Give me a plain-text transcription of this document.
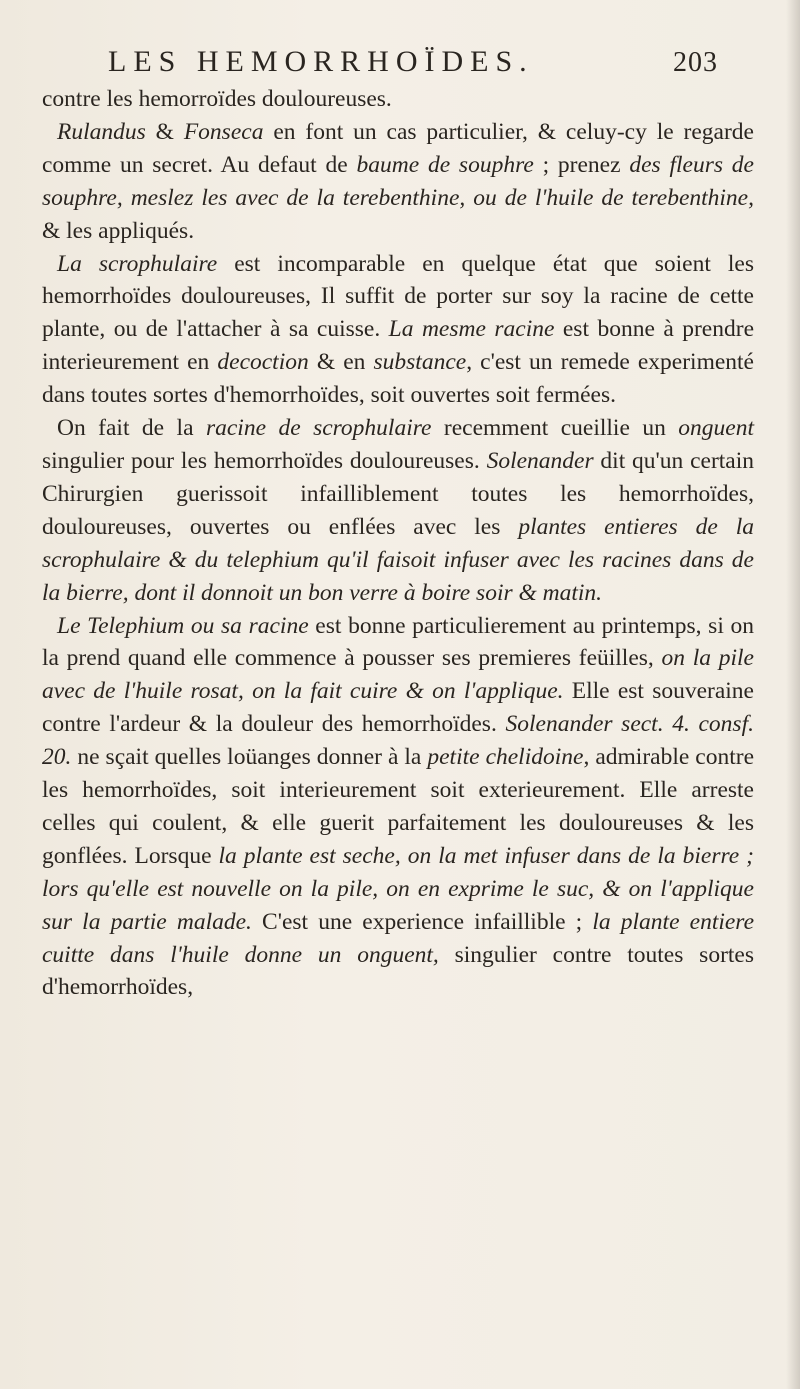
LES HEMORRHOÏDES.	203

contre les hemorroïdes douloureuses.

Rulandus & Fonseca en font un cas particulier, & celuy-cy le regarde comme un secret. Au defaut de baume de souphre ; prenez des fleurs de souphre, meslez les avec de la terebenthine, ou de l'huile de terebenthine, & les appliqués.

La scrophulaire est incomparable en quelque état que soient les hemorrhoïdes douloureuses, Il suffit de porter sur soy la racine de cette plante, ou de l'attacher à sa cuisse. La mesme racine est bonne à prendre interieurement en decoction & en substance, c'est un remede experimenté dans toutes sortes d'hemorrhoïdes, soit ouvertes soit fermées.

On fait de la racine de scrophulaire recemment cueillie un onguent singulier pour les hemorrhoïdes douloureuses. Solenander dit qu'un certain Chirurgien guerissoit infailliblement toutes les hemorrhoïdes, douloureuses, ouvertes ou enflées avec les plantes entieres de la scrophulaire & du telephium qu'il faisoit infuser avec les racines dans de la bierre, dont il donnoit un bon verre à boire soir & matin.

Le Telephium ou sa racine est bonne particulierement au printemps, si on la prend quand elle commence à pousser ses premieres feüilles, on la pile avec de l'huile rosat, on la fait cuire & on l'applique. Elle est souveraine contre l'ardeur & la douleur des hemorrhoïdes. Solenander sect. 4. consf. 20. ne sçait quelles loüanges donner à la petite chelidoine, admirable contre les hemorrhoïdes, soit interieurement soit exterieurement. Elle arreste celles qui coulent, & elle guerit parfaitement les douloureuses & les gonflées. Lorsque la plante est seche, on la met infuser dans de la bierre ; lors qu'elle est nouvelle on la pile, on en exprime le suc, & on l'applique sur la partie malade. C'est une experience infaillible ; la plante entiere cuitte dans l'huile donne un onguent, singulier contre toutes sortes d'hemorrhoïdes,
